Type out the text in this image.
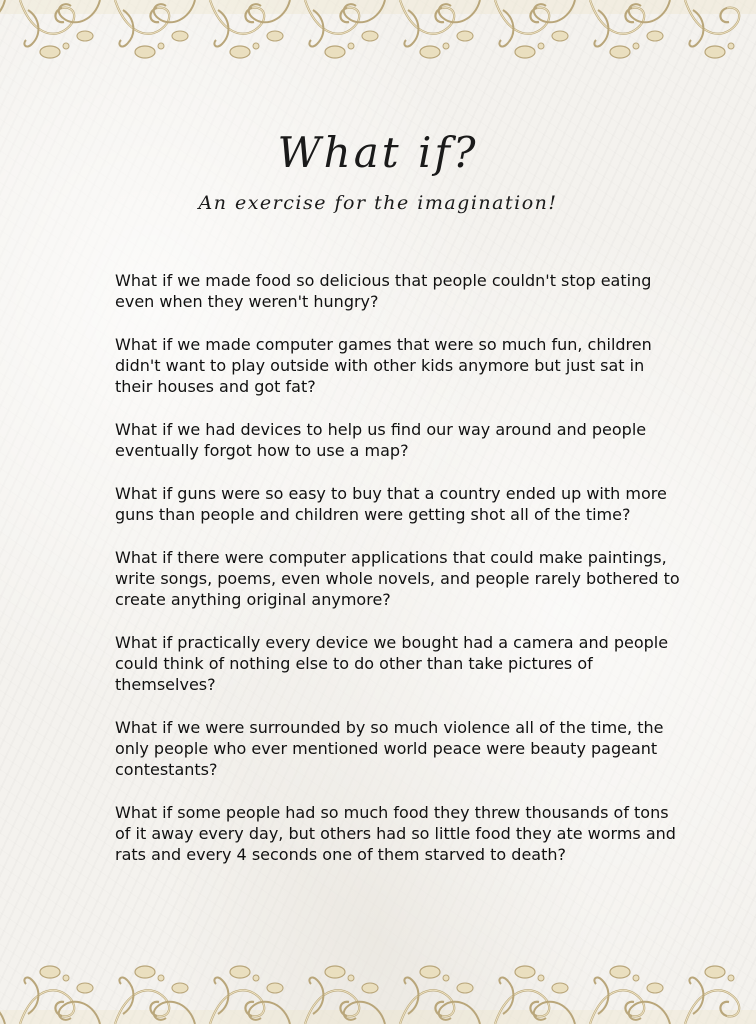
What if?
An exercise for the imagination!

What if we made food so delicious that people couldn't stop eating even when they weren't hungry?

What if we made computer games that were so much fun, children didn't want to play outside with other kids anymore but just sat in their houses and got fat?

What if we had devices to help us find our way around and people eventually forgot how to use a map?

What if guns were so easy to buy that a country ended up with more guns than people and children were getting shot all of the time?

What if there were computer applications that could make paintings, write songs, poems, even whole novels, and people rarely bothered to create anything original anymore?

What if practically every device we bought had a camera and people could think of nothing else to do other than take pictures of themselves?

What if we were surrounded by so much violence all of the time, the only people who ever mentioned world peace were beauty pageant contestants?

What if some people had so much food they threw thousands of tons of it away every day, but others had so little food they ate worms and rats and every 4 seconds one of them starved to death?
